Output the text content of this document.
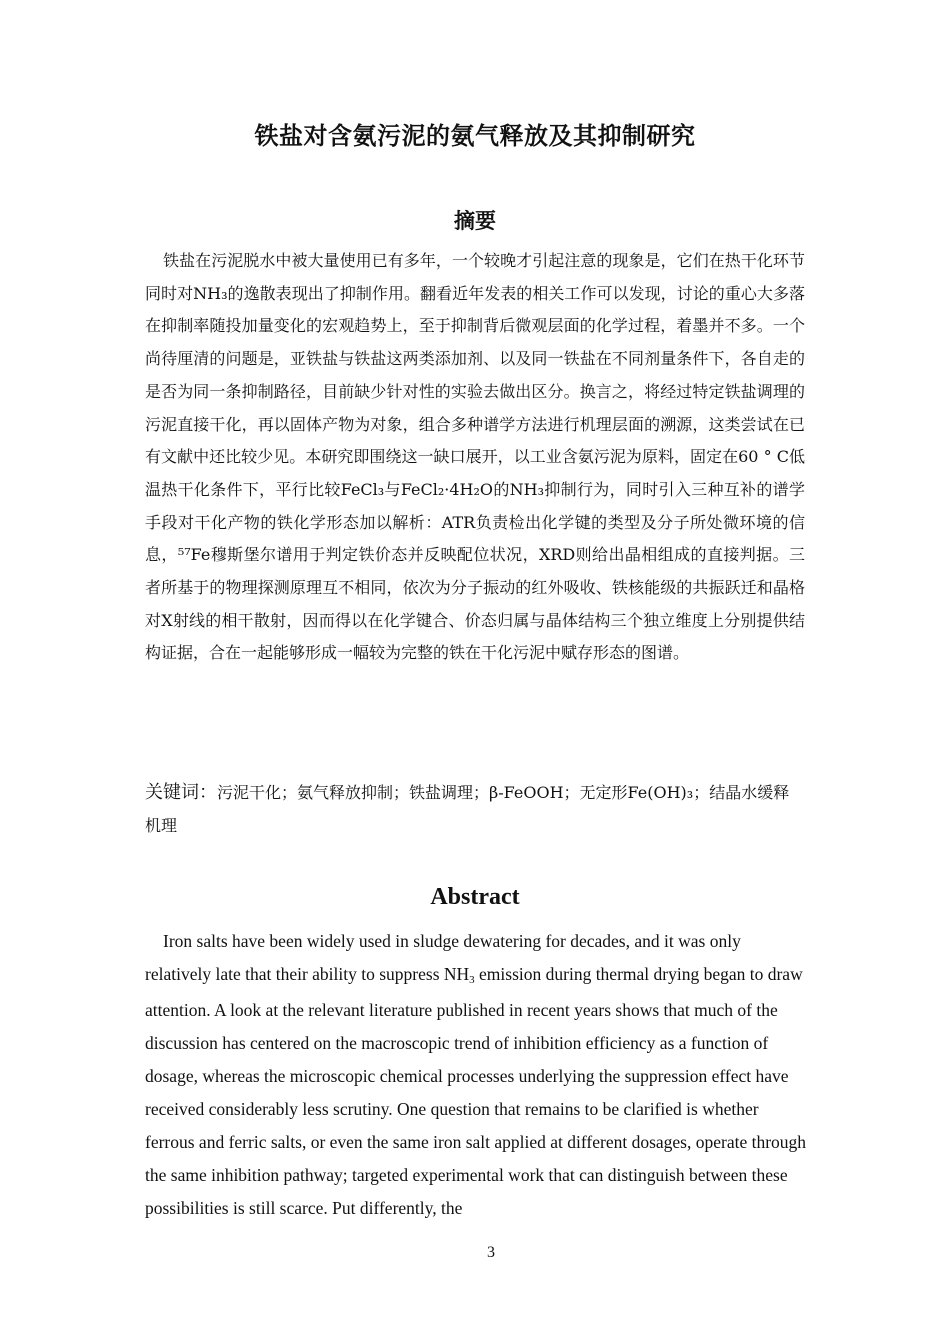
铁盐对含氨污泥的氨气释放及其抑制研究
摘要

铁盐在污泥脱水中被大量使用已有多年，一个较晚才引起注意的现象是，它们在热干化环节同时对NH₃的逸散表现出了抑制作用。翻看近年发表的相关工作可以发现，讨论的重心大多落在抑制率随投加量变化的宏观趋势上，至于抑制背后微观层面的化学过程，着墨并不多。一个尚待厘清的问题是，亚铁盐与铁盐这两类添加剂、以及同一铁盐在不同剂量条件下，各自走的是否为同一条抑制路径，目前缺少针对性的实验去做出区分。换言之，将经过特定铁盐调理的污泥直接干化，再以固体产物为对象，组合多种谱学方法进行机理层面的溯源，这类尝试在已有文献中还比较少见。本研究即围绕这一缺口展开，以工业含氨污泥为原料，固定在60 ° C低温热干化条件下，平行比较FeCl₃与FeCl₂·4H₂O的NH₃抑制行为，同时引入三种互补的谱学手段对干化产物的铁化学形态加以解析：ATR负责检出化学键的类型及分子所处微环境的信息，⁵⁷Fe穆斯堡尔谱用于判定铁价态并反映配位状况，XRD则给出晶相组成的直接判据。三者所基于的物理探测原理互不相同，依次为分子振动的红外吸收、铁核能级的共振跃迁和晶格对X射线的相干散射，因而得以在化学键合、价态归属与晶体结构三个独立维度上分别提供结构证据，合在一起能够形成一幅较为完整的铁在干化污泥中赋存形态的图谱。

关键词：污泥干化；氨气释放抑制；铁盐调理；β-FeOOH；无定形Fe(OH)₃；结晶水缓释机理
Abstract

Iron salts have been widely used in sludge dewatering for decades, and it was only relatively late that their ability to suppress NH3 emission during thermal drying began to draw attention. A look at the relevant literature published in recent years shows that much of the discussion has centered on the macroscopic trend of inhibition efficiency as a function of dosage, whereas the microscopic chemical processes underlying the suppression effect have received considerably less scrutiny. One question that remains to be clarified is whether ferrous and ferric salts, or even the same iron salt applied at different dosages, operate through the same inhibition pathway; targeted experimental work that can distinguish between these possibilities is still scarce. Put differently, the

3
